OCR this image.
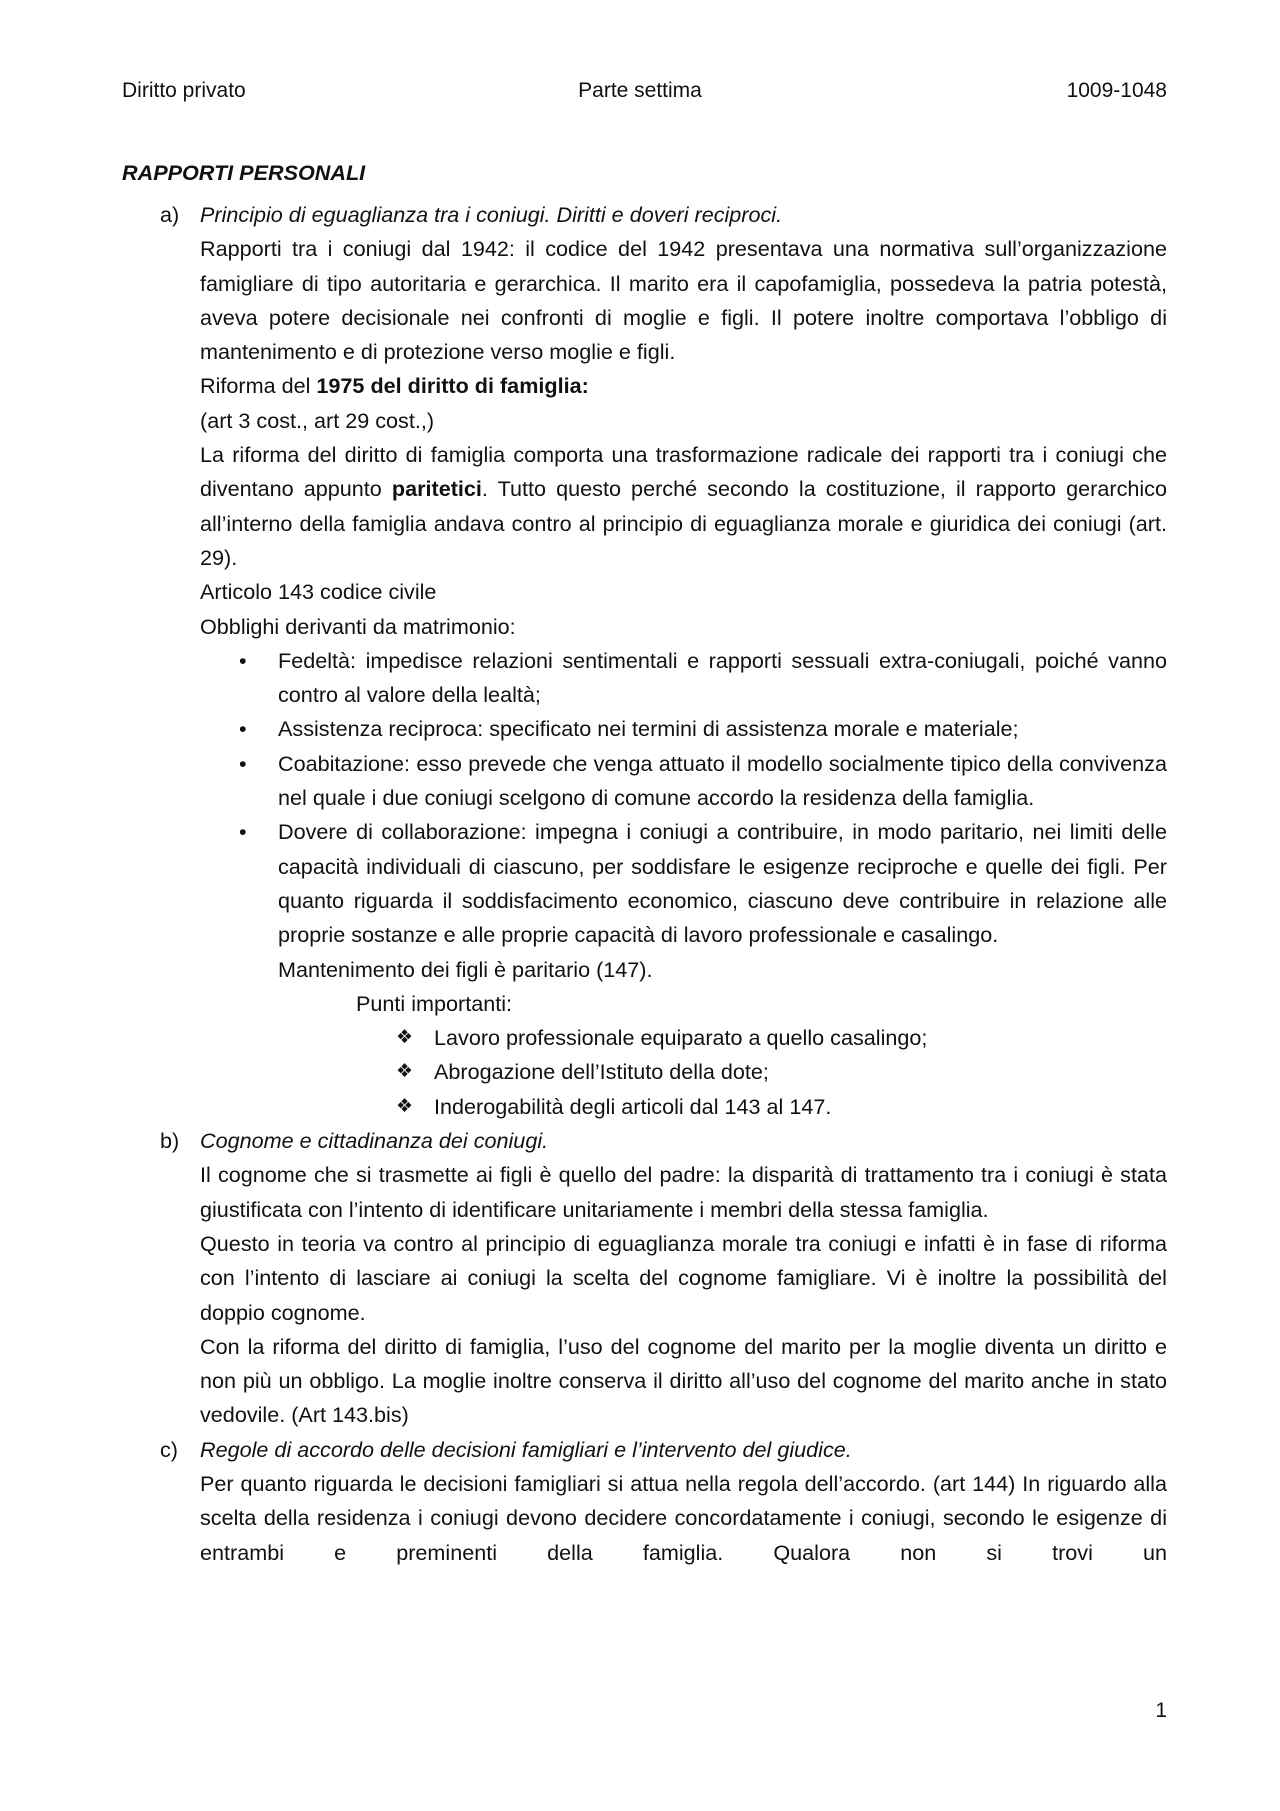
Diritto privato	Parte settima	1009-1048
RAPPORTI PERSONALI
a) Principio di eguaglianza tra i coniugi. Diritti e doveri reciproci.

Rapporti tra i coniugi dal 1942: il codice del 1942 presentava una normativa sull’organizzazione famigliare di tipo autoritaria e gerarchica. Il marito era il capofamiglia, possedeva la patria potestà, aveva potere decisionale nei confronti di moglie e figli. Il potere inoltre comportava l’obbligo di mantenimento e di protezione verso moglie e figli.

Riforma del 1975 del diritto di famiglia:

(art 3 cost., art 29 cost.,)

La riforma del diritto di famiglia comporta una trasformazione radicale dei rapporti tra i coniugi che diventano appunto paritetici. Tutto questo perché secondo la costituzione, il rapporto gerarchico all’interno della famiglia andava contro al principio di eguaglianza morale e giuridica dei coniugi (art. 29).

Articolo 143 codice civile

Obblighi derivanti da matrimonio:

• Fedeltà: impedisce relazioni sentimentali e rapporti sessuali extra-coniugali, poiché vanno contro al valore della lealtà;

• Assistenza reciproca: specificato nei termini di assistenza morale e materiale;

• Coabitazione: esso prevede che venga attuato il modello socialmente tipico della convivenza nel quale i due coniugi scelgono di comune accordo la residenza della famiglia.

• Dovere di collaborazione: impegna i coniugi a contribuire, in modo paritario, nei limiti delle capacità individuali di ciascuno, per soddisfare le esigenze reciproche e quelle dei figli. Per quanto riguarda il soddisfacimento economico, ciascuno deve contribuire in relazione alle proprie sostanze e alle proprie capacità di lavoro professionale e casalingo.

Mantenimento dei figli è paritario (147).

Punti importanti:

❖ Lavoro professionale equiparato a quello casalingo;

❖ Abrogazione dell’Istituto della dote;

❖ Inderogabilità degli articoli dal 143 al 147.

b) Cognome e cittadinanza dei coniugi.

Il cognome che si trasmette ai figli è quello del padre: la disparità di trattamento tra i coniugi è stata giustificata con l’intento di identificare unitariamente i membri della stessa famiglia.

Questo in teoria va contro al principio di eguaglianza morale tra coniugi e infatti è in fase di riforma con l’intento di lasciare ai coniugi la scelta del cognome famigliare. Vi è inoltre la possibilità del doppio cognome.

Con la riforma del diritto di famiglia, l’uso del cognome del marito per la moglie diventa un diritto e non più un obbligo. La moglie inoltre conserva il diritto all’uso del cognome del marito anche in stato vedovile. (Art 143.bis)

c) Regole di accordo delle decisioni famigliari e l’intervento del giudice.

Per quanto riguarda le decisioni famigliari si attua nella regola dell’accordo. (art 144) In riguardo alla scelta della residenza i coniugi devono decidere concordatamente i coniugi, secondo le esigenze di entrambi e preminenti della famiglia. Qualora non si trovi un

1
